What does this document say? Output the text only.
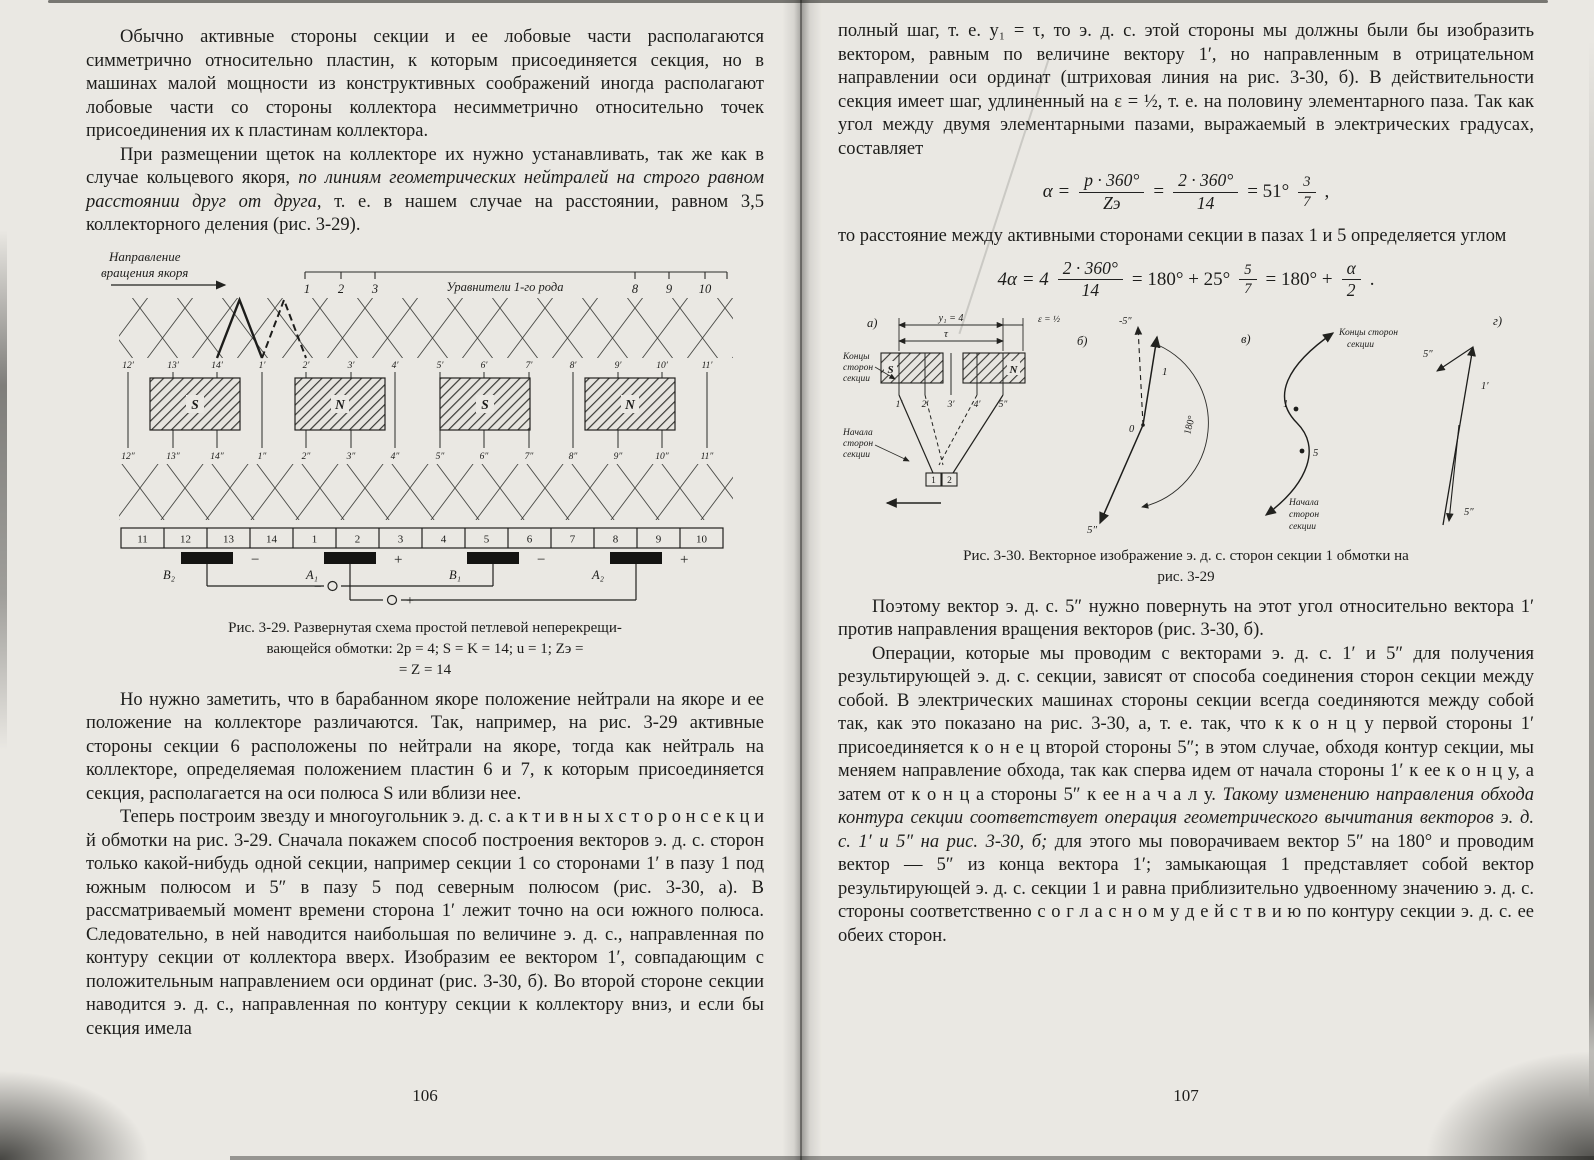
Обычно активные стороны секции и ее лобовые части располагаются симметрично относительно пластин, к которым присоединяется секция, но в машинах малой мощности из конструктивных соображений иногда располагают лобовые части со стороны коллектора несимметрично относительно точек присоединения их к пластинам коллектора.

При размещении щеток на коллекторе их нужно устанавливать, так же как в случае кольцевого якоря, по линиям геометрических нейтралей на строго равном расстоянии друг от друга, т. е. в нашем случае на расстоянии, равном 3,5 коллекторного деления (рис. 3-29).

Направление
вращения якоря
1 2 3	Уравнители 1-го рода	8 9 10
12′	13′	14′	1′	2′	3′	4′	5′	6′	7′	8′	9′	10′	11′
S	N	S	N
12″	13″	14″	1″	2″	3″	4″	5″	6″	7″	8″	9″	10″	11″
11	12	13	14	1	2	3	4	5	6	7	8	9	10
−	+	−	+
B₂	A₁	B₁	A₂
−
+
Рис. 3-29. Развернутая схема простой петлевой неперекрещи-
вающейся обмотки: 2p = 4; S = K = 14; u = 1; Zэ =
= Z = 14

Но нужно заметить, что в барабанном якоре положение нейтрали на якоре и ее положение на коллекторе различаются. Так, например, на рис. 3-29 активные стороны секции 6 расположены по нейтрали на якоре, тогда как нейтраль на коллекторе, определяемая положением пластин 6 и 7, к которым присоединяется секция, располагается на оси полюса S или вблизи нее.

Теперь построим звезду и многоугольник э. д. с. а к т и в н ы х с т о р о н с е к ц и й обмотки на рис. 3-29. Сначала покажем способ построения векторов э. д. с. сторон только какой-нибудь одной секции, например секции 1 со сторонами 1′ в пазу 1 под южным полюсом и 5″ в пазу 5 под северным полюсом (рис. 3-30, а). В рассматриваемый момент времени сторона 1′ лежит точно на оси южного полюса. Следовательно, в ней наводится наибольшая по величине э. д. с., направленная по контуру секции от коллектора вверх. Изобразим ее вектором 1′, совпадающим с положительным направлением оси ординат (рис. 3-30, б). Во второй стороне секции наводится э. д. с., направленная по контуру секции к коллектору вниз, и если бы секция имела

106

полный шаг, т. е. y₁ = τ, то э. д. с. этой стороны мы должны были бы изобразить вектором, равным по величине вектору 1′, но направленным в отрицательном направлении оси ординат (штриховая линия на рис. 3-30, б). В действительности секция имеет шаг, удлиненный на ε = ½, т. е. на половину элементарного паза. Так как угол между двумя элементарными пазами, выражаемый в электрических градусах, составляет

$\alpha = \frac{p \cdot 360^\circ}{Zэ} = \frac{2 \cdot 360^\circ}{14} = 51^\circ \frac{3}{7}$ ,

то расстояние между активными сторонами секции в пазах 1 и 5 определяется углом

$4\alpha = 4 \frac{2 \cdot 360^\circ}{14} = 180^\circ + 25^\circ \frac{5}{7} = 180^\circ + \frac{\alpha}{2}$ .
а)	y₁ = 4
τ
ε = ½
S	N
1′ 2′ 3′ 4′ 5″
1 2
Концы
сторон
секции
Начала
сторон
секции
б)
1
-5″
5″
0	180°
в)
1
5
Концы сторон
секции
Начала
сторон
секции
г)
5″
1′
5″
Рис. 3-30. Векторное изображение э. д. с. сторон секции 1 обмотки на
рис. 3-29

Поэтому вектор э. д. с. 5″ нужно повернуть на этот угол относительно вектора 1′ против направления вращения векторов (рис. 3-30, б).

Операции, которые мы проводим с векторами э. д. с. 1′ и 5″ для получения результирующей э. д. с. секции, зависят от способа соединения сторон секции между собой. В электрических машинах стороны секции всегда соединяются между собой так, как это показано на рис. 3-30, а, т. е. так, что к к о н ц у первой стороны 1′ присоединяется к о н е ц второй стороны 5″; в этом случае, обходя контур секции, мы меняем направление обхода, так как сперва идем от начала стороны 1′ к ее к о н ц у, а затем от к о н ц а стороны 5″ к ее н а ч а л у. Такому изменению направления обхода контура секции соответствует операция геометрического вычитания векторов э. д. с. 1′ и 5″ на рис. 3-30, б; для этого мы поворачиваем вектор 5″ на 180° и проводим вектор — 5″ из конца вектора 1′; замыкающая 1 представляет собой вектор результирующей э. д. с. секции 1 и равна приблизительно удвоенному значению э. д. с. стороны соответственно с о г л а с н о м у д е й с т в и ю по контуру секции э. д. с. ее обеих сторон.

107
